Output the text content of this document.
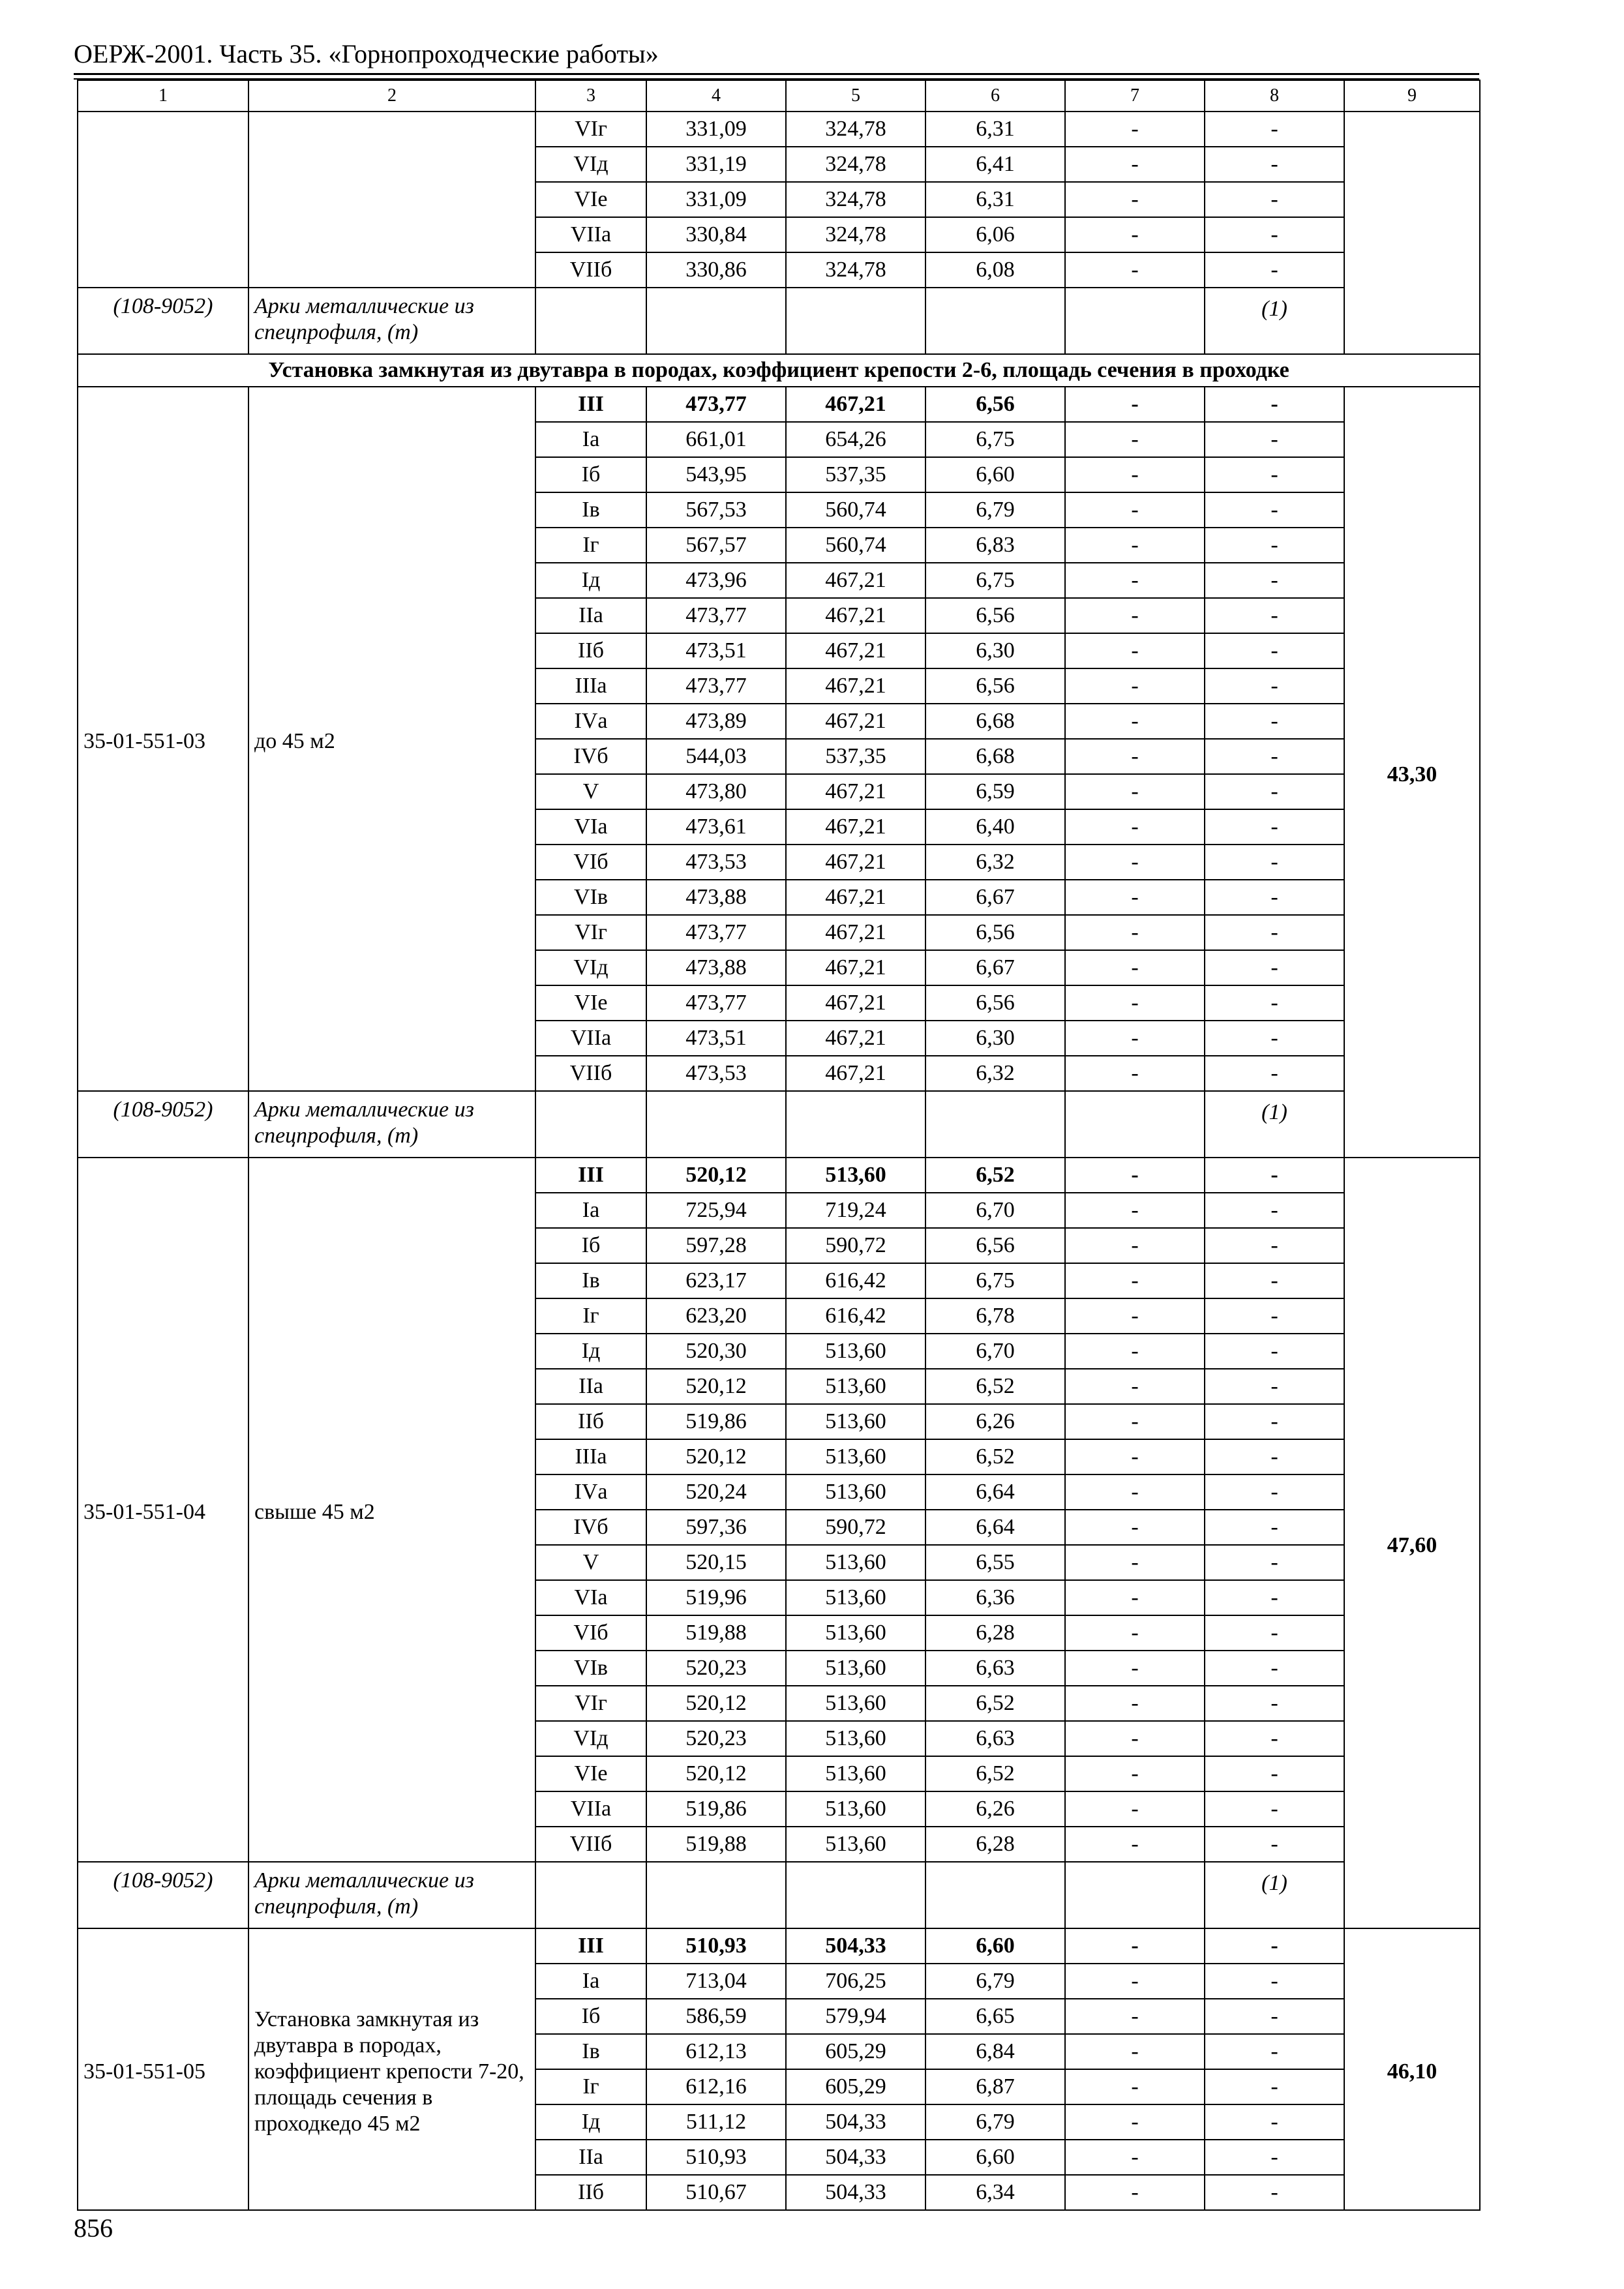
ОЕРЖ-2001. Часть 35. «Горнопроходческие работы»
1	2	3	4	5	6	7	8	9
		VIг	331,09	324,78	6,31	-	-	
		VIд	331,19	324,78	6,41	-	-	
		VIе	331,09	324,78	6,31	-	-	
		VIIа	330,84	324,78	6,06	-	-	
		VIIб	330,86	324,78	6,08	-	-	
(108-9052)	Арки металлические из спецпрофиля, (т)						(1)	
Установка замкнутая из двутавра в породах, коэффициент крепости 2-6, площадь сечения в проходке								
35-01-551-03	до 45 м2	III	473,77	467,21	6,56	-	-	43,30
		Iа	661,01	654,26	6,75	-	-	
		Iб	543,95	537,35	6,60	-	-	
		Iв	567,53	560,74	6,79	-	-	
		Iг	567,57	560,74	6,83	-	-	
		Iд	473,96	467,21	6,75	-	-	
		IIа	473,77	467,21	6,56	-	-	
		IIб	473,51	467,21	6,30	-	-	
		IIIа	473,77	467,21	6,56	-	-	
		IVа	473,89	467,21	6,68	-	-	
		IVб	544,03	537,35	6,68	-	-	
		V	473,80	467,21	6,59	-	-	
		VIа	473,61	467,21	6,40	-	-	
		VIб	473,53	467,21	6,32	-	-	
		VIв	473,88	467,21	6,67	-	-	
		VIг	473,77	467,21	6,56	-	-	
		VIд	473,88	467,21	6,67	-	-	
		VIе	473,77	467,21	6,56	-	-	
		VIIа	473,51	467,21	6,30	-	-	
		VIIб	473,53	467,21	6,32	-	-	
(108-9052)	Арки металлические из спецпрофиля, (т)						(1)	
35-01-551-04	свыше 45 м2	III	520,12	513,60	6,52	-	-	47,60
		Iа	725,94	719,24	6,70	-	-	
		Iб	597,28	590,72	6,56	-	-	
		Iв	623,17	616,42	6,75	-	-	
		Iг	623,20	616,42	6,78	-	-	
		Iд	520,30	513,60	6,70	-	-	
		IIа	520,12	513,60	6,52	-	-	
		IIб	519,86	513,60	6,26	-	-	
		IIIа	520,12	513,60	6,52	-	-	
		IVа	520,24	513,60	6,64	-	-	
		IVб	597,36	590,72	6,64	-	-	
		V	520,15	513,60	6,55	-	-	
		VIа	519,96	513,60	6,36	-	-	
		VIб	519,88	513,60	6,28	-	-	
		VIв	520,23	513,60	6,63	-	-	
		VIг	520,12	513,60	6,52	-	-	
		VIд	520,23	513,60	6,63	-	-	
		VIе	520,12	513,60	6,52	-	-	
		VIIа	519,86	513,60	6,26	-	-	
		VIIб	519,88	513,60	6,28	-	-	
(108-9052)	Арки металлические из спецпрофиля, (т)						(1)	
35-01-551-05	Установка замкнутая из двутавра в породах, коэффициент крепости 7-20, площадь сечения в проходкедо 45 м2	III	510,93	504,33	6,60	-	-	46,10
		Iа	713,04	706,25	6,79	-	-	
		Iб	586,59	579,94	6,65	-	-	
		Iв	612,13	605,29	6,84	-	-	
		Iг	612,16	605,29	6,87	-	-	
		Iд	511,12	504,33	6,79	-	-	
		IIа	510,93	504,33	6,60	-	-	
		IIб	510,67	504,33	6,34	-	-	
856
